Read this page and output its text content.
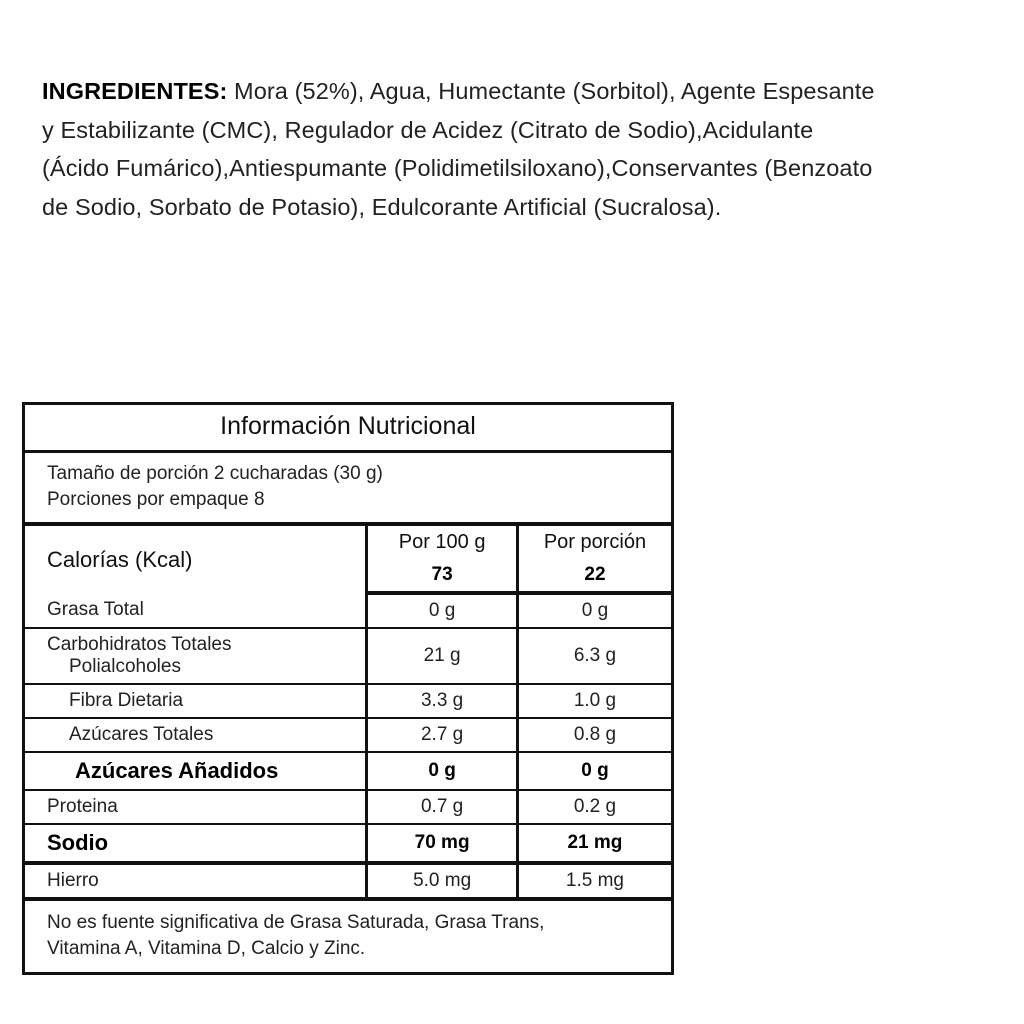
INGREDIENTES: Mora (52%), Agua, Humectante (Sorbitol), Agente Espesante y Estabilizante (CMC), Regulador de Acidez (Citrato de Sodio),Acidulante (Ácido Fumárico),Antiespumante (Polidimetilsiloxano),Conservantes (Benzoato de Sodio, Sorbato de Potasio), Edulcorante Artificial (Sucralosa).
Información Nutricional
Tamaño de porción 2 cucharadas (30 g)
Porciones por empaque 8
Calorías (Kcal)	Por 100 g	Por porción
	73	22
Grasa Total	0 g	0 g
Carbohidratos Totales
Polialcoholes	21 g	6.3 g
Fibra Dietaria	3.3 g	1.0 g
Azúcares Totales	2.7 g	0.8 g
Azúcares Añadidos	0 g	0 g
Proteina	0.7 g	0.2 g
Sodio	70 mg	21 mg
Hierro	5.0 mg	1.5 mg
No es fuente significativa de Grasa Saturada, Grasa Trans,
Vitamina A, Vitamina D, Calcio y Zinc.
